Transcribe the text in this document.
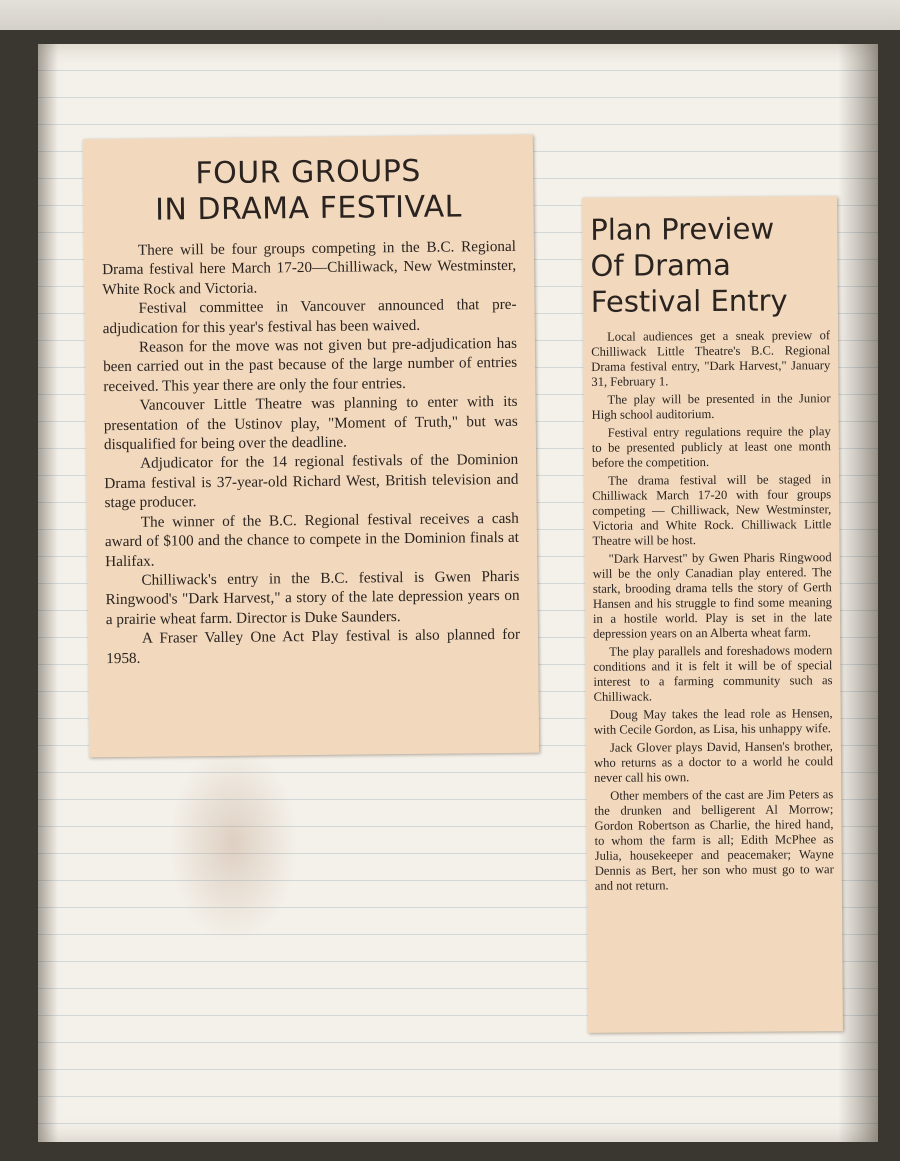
FOUR GROUPS
IN DRAMA FESTIVAL

There will be four groups competing in the B.C. Regional Drama festival here March 17-20—Chilliwack, New Westminster, White Rock and Victoria.

Festival committee in Vancouver announced that pre-adjudication for this year's festival has been waived.

Reason for the move was not given but pre-adjudication has been carried out in the past because of the large number of entries received. This year there are only the four entries.

Vancouver Little Theatre was planning to enter with its presentation of the Ustinov play, "Moment of Truth," but was disqualified for being over the deadline.

Adjudicator for the 14 regional festivals of the Dominion Drama festival is 37-year-old Richard West, British television and stage producer.

The winner of the B.C. Regional festival receives a cash award of $100 and the chance to compete in the Dominion finals at Halifax.

Chilliwack's entry in the B.C. festival is Gwen Pharis Ringwood's "Dark Harvest," a story of the late depression years on a prairie wheat farm. Director is Duke Saunders.

A Fraser Valley One Act Play festival is also planned for 1958.

Plan Preview
Of Drama
Festival Entry

Local audiences get a sneak preview of Chilliwack Little Theatre's B.C. Regional Drama festival entry, "Dark Harvest," January 31, February 1.

The play will be presented in the Junior High school auditorium.

Festival entry regulations require the play to be presented publicly at least one month before the competition.

The drama festival will be staged in Chilliwack March 17-20 with four groups competing — Chilliwack, New Westminster, Victoria and White Rock. Chilliwack Little Theatre will be host.

"Dark Harvest" by Gwen Pharis Ringwood will be the only Canadian play entered. The stark, brooding drama tells the story of Gerth Hansen and his struggle to find some meaning in a hostile world. Play is set in the late depression years on an Alberta wheat farm.

The play parallels and foreshadows modern conditions and it is felt it will be of special interest to a farming community such as Chilliwack.

Doug May takes the lead role as Hensen, with Cecile Gordon, as Lisa, his unhappy wife.

Jack Glover plays David, Hansen's brother, who returns as a doctor to a world he could never call his own.

Other members of the cast are Jim Peters as the drunken and belligerent Al Morrow; Gordon Robertson as Charlie, the hired hand, to whom the farm is all; Edith McPhee as Julia, housekeeper and peacemaker; Wayne Dennis as Bert, her son who must go to war and not return.
